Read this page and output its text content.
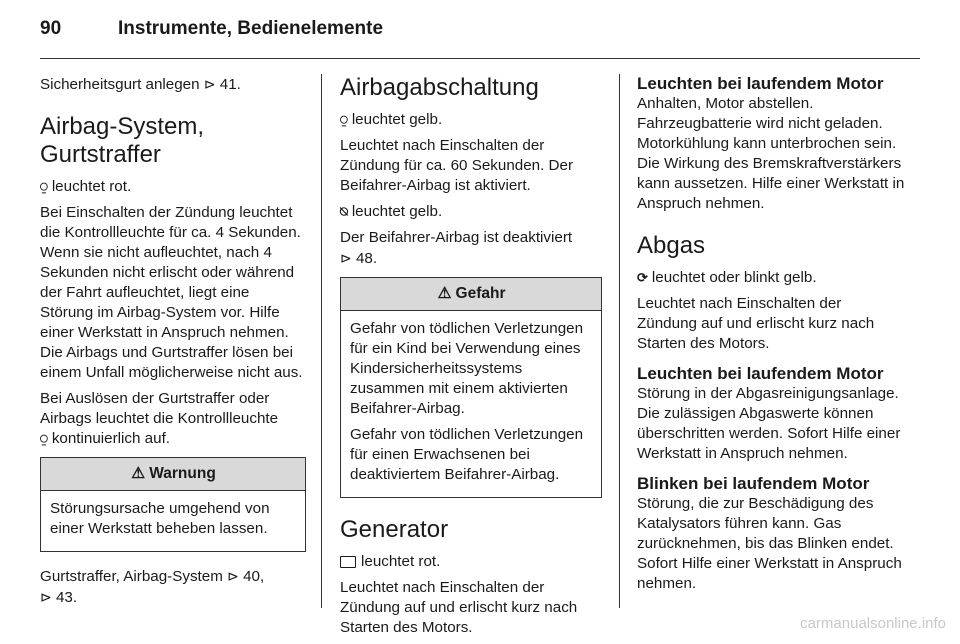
90	Instrumente, Bedienelemente

Sicherheitsgurt anlegen ⊳ 41.

Airbag-System, Gurtstraffer

⍜ leuchtet rot.

Bei Einschalten der Zündung leuchtet die Kontrollleuchte für ca. 4 Sekunden. Wenn sie nicht aufleuchtet, nach 4 Sekunden nicht erlischt oder während der Fahrt aufleuchtet, liegt eine Störung im Airbag-System vor. Hilfe einer Werkstatt in Anspruch nehmen. Die Airbags und Gurtstraffer lösen bei einem Unfall möglicherweise nicht aus.

Bei Auslösen der Gurtstraffer oder Airbags leuchtet die Kontrollleuchte
⍜ kontinuierlich auf.

⚠ Warnung

Störungsursache umgehend von einer Werkstatt beheben lassen.

Gurtstraffer, Airbag-System ⊳ 40,
⊳ 43.

Airbagabschaltung

⍜ leuchtet gelb.

Leuchtet nach Einschalten der Zündung für ca. 60 Sekunden. Der Beifahrer-Airbag ist aktiviert.

⍉ leuchtet gelb.

Der Beifahrer-Airbag ist deaktiviert
⊳ 48.

⚠ Gefahr

Gefahr von tödlichen Verletzungen für ein Kind bei Verwendung eines Kindersicherheitssystems zusammen mit einem aktivierten Beifahrer-Airbag.

Gefahr von tödlichen Verletzungen für einen Erwachsenen bei deaktiviertem Beifahrer-Airbag.

Generator

leuchtet rot.

Leuchtet nach Einschalten der Zündung auf und erlischt kurz nach Starten des Motors.

Leuchten bei laufendem Motor

Anhalten, Motor abstellen. Fahrzeugbatterie wird nicht geladen. Motorkühlung kann unterbrochen sein. Die Wirkung des Bremskraftverstärkers kann aussetzen. Hilfe einer Werkstatt in Anspruch nehmen.

Abgas

⟳ leuchtet oder blinkt gelb.

Leuchtet nach Einschalten der Zündung auf und erlischt kurz nach Starten des Motors.

Leuchten bei laufendem Motor

Störung in der Abgasreinigungsanlage. Die zulässigen Abgaswerte können überschritten werden. Sofort Hilfe einer Werkstatt in Anspruch nehmen.

Blinken bei laufendem Motor

Störung, die zur Beschädigung des Katalysators führen kann. Gas zurücknehmen, bis das Blinken endet. Sofort Hilfe einer Werkstatt in Anspruch nehmen.

carmanualsonline.info
